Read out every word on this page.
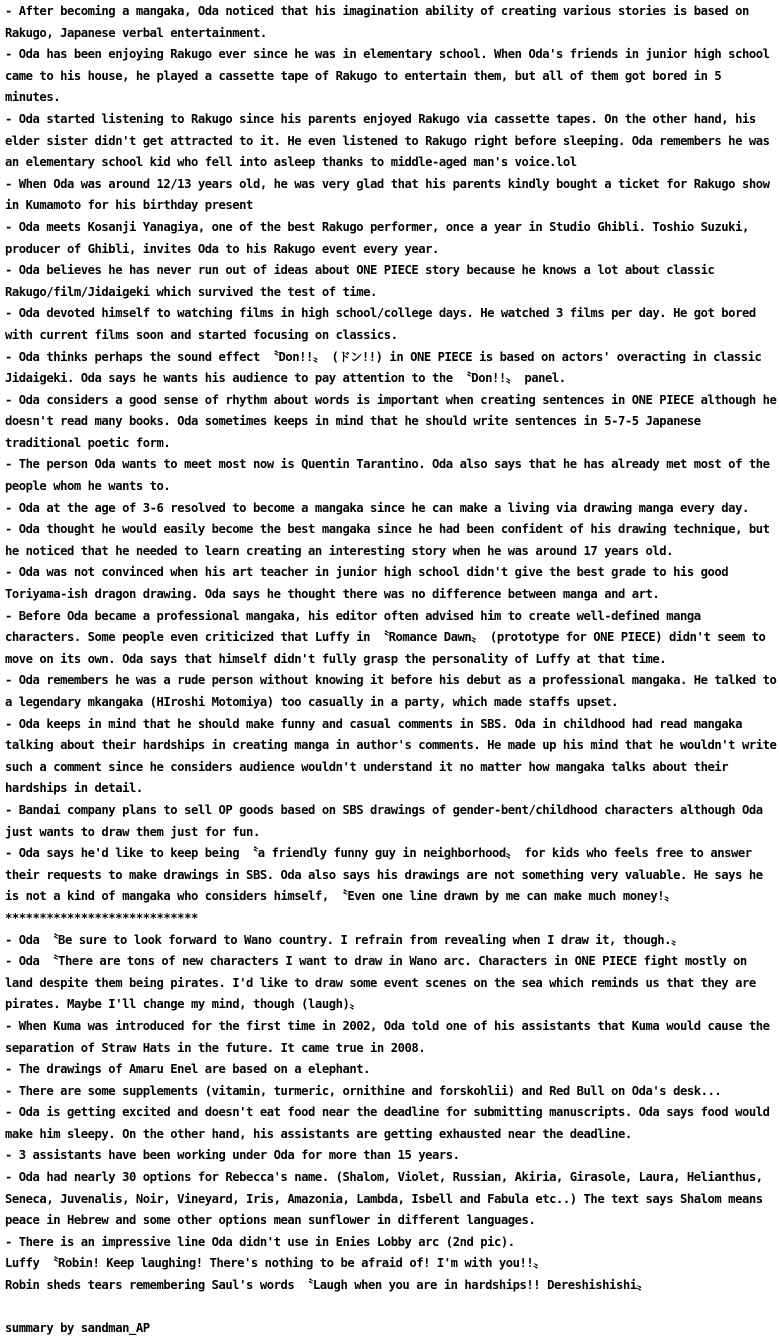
- After becoming a mangaka, Oda noticed that his imagination ability of creating various stories is based on Rakugo, Japanese verbal entertainment.

- Oda has been enjoying Rakugo ever since he was in elementary school. When Oda's friends in junior high school came to his house, he played a cassette tape of Rakugo to entertain them, but all of them got bored in 5 minutes.

- Oda started listening to Rakugo since his parents enjoyed Rakugo via cassette tapes. On the other hand, his elder sister didn't get attracted to it. He even listened to Rakugo right before sleeping. Oda remembers he was an elementary school kid who fell into asleep thanks to middle-aged man's voice.lol

- When Oda was around 12/13 years old, he was very glad that his parents kindly bought a ticket for Rakugo show in Kumamoto for his birthday present

- Oda meets Kosanji Yanagiya, one of the best Rakugo performer, once a year in Studio Ghibli. Toshio Suzuki, producer of Ghibli, invites Oda to his Rakugo event every year.

- Oda believes he has never run out of ideas about ONE PIECE story because he knows a lot about classic Rakugo/film/Jidaigeki which survived the test of time.

- Oda devoted himself to watching films in high school/college days. He watched 3 films per day. He got bored with current films soon and started focusing on classics.

- Oda thinks perhaps the sound effect 〝Don!!〟 (ドン!!) in ONE PIECE is based on actors' overacting in classic Jidaigeki. Oda says he wants his audience to pay attention to the 〝Don!!〟 panel.

- Oda considers a good sense of rhythm about words is important when creating sentences in ONE PIECE although he doesn't read many books. Oda sometimes keeps in mind that he should write sentences in 5-7-5 Japanese traditional poetic form.

- The person Oda wants to meet most now is Quentin Tarantino. Oda also says that he has already met most of the people whom he wants to.

- Oda at the age of 3-6 resolved to become a mangaka since he can make a living via drawing manga every day.

- Oda thought he would easily become the best mangaka since he had been confident of his drawing technique, but he noticed that he needed to learn creating an interesting story when he was around 17 years old.

- Oda was not convinced when his art teacher in junior high school didn't give the best grade to his good Toriyama-ish dragon drawing. Oda says he thought there was no difference between manga and art.

- Before Oda became a professional mangaka, his editor often advised him to create well-defined manga characters. Some people even criticized that Luffy in 〝Romance Dawn〟 (prototype for ONE PIECE) didn't seem to move on its own. Oda says that himself didn't fully grasp the personality of Luffy at that time.

- Oda remembers he was a rude person without knowing it before his debut as a professional mangaka. He talked to a legendary mkangaka (HIroshi Motomiya) too casually in a party, which made staffs upset.

- Oda keeps in mind that he should make funny and casual comments in SBS. Oda in childhood had read mangaka talking about their hardships in creating manga in author's comments. He made up his mind that he wouldn't write such a comment since he considers audience wouldn't understand it no matter how mangaka talks about their hardships in detail.

- Bandai company plans to sell OP goods based on SBS drawings of gender-bent/childhood characters although Oda just wants to draw them just for fun.

- Oda says he'd like to keep being 〝a friendly funny guy in neighborhood〟 for kids who feels free to answer their requests to make drawings in SBS. Oda also says his drawings are not something very valuable. He says he is not a kind of mangaka who considers himself, 〝Even one line drawn by me can make much money!〟

****************************

- Oda 〝Be sure to look forward to Wano country. I refrain from revealing when I draw it, though.〟

- Oda 〝There are tons of new characters I want to draw in Wano arc. Characters in ONE PIECE fight mostly on land despite them being pirates. I'd like to draw some event scenes on the sea which reminds us that they are pirates. Maybe I'll change my mind, though (laugh)〟

- When Kuma was introduced for the first time in 2002, Oda told one of his assistants that Kuma would cause the separation of Straw Hats in the future. It came true in 2008.

- The drawings of Amaru Enel are based on a elephant.

- There are some supplements (vitamin, turmeric, ornithine and forskohlii) and Red Bull on Oda's desk...

- Oda is getting excited and doesn't eat food near the deadline for submitting manuscripts. Oda says food would make him sleepy. On the other hand, his assistants are getting exhausted near the deadline.

- 3 assistants have been working under Oda for more than 15 years.

- Oda had nearly 30 options for Rebecca's name. (Shalom, Violet, Russian, Akiria, Girasole, Laura, Helianthus, Seneca, Juvenalis, Noir, Vineyard, Iris, Amazonia, Lambda, Isbell and Fabula etc..) The text says Shalom means peace in Hebrew and some other options mean sunflower in different languages.

- There is an impressive line Oda didn't use in Enies Lobby arc (2nd pic).

Luffy 〝Robin! Keep laughing! There's nothing to be afraid of! I'm with you!!〟

Robin sheds tears remembering Saul's words 〝Laugh when you are in hardships!! Dereshishishi〟

summary by sandman_AP
